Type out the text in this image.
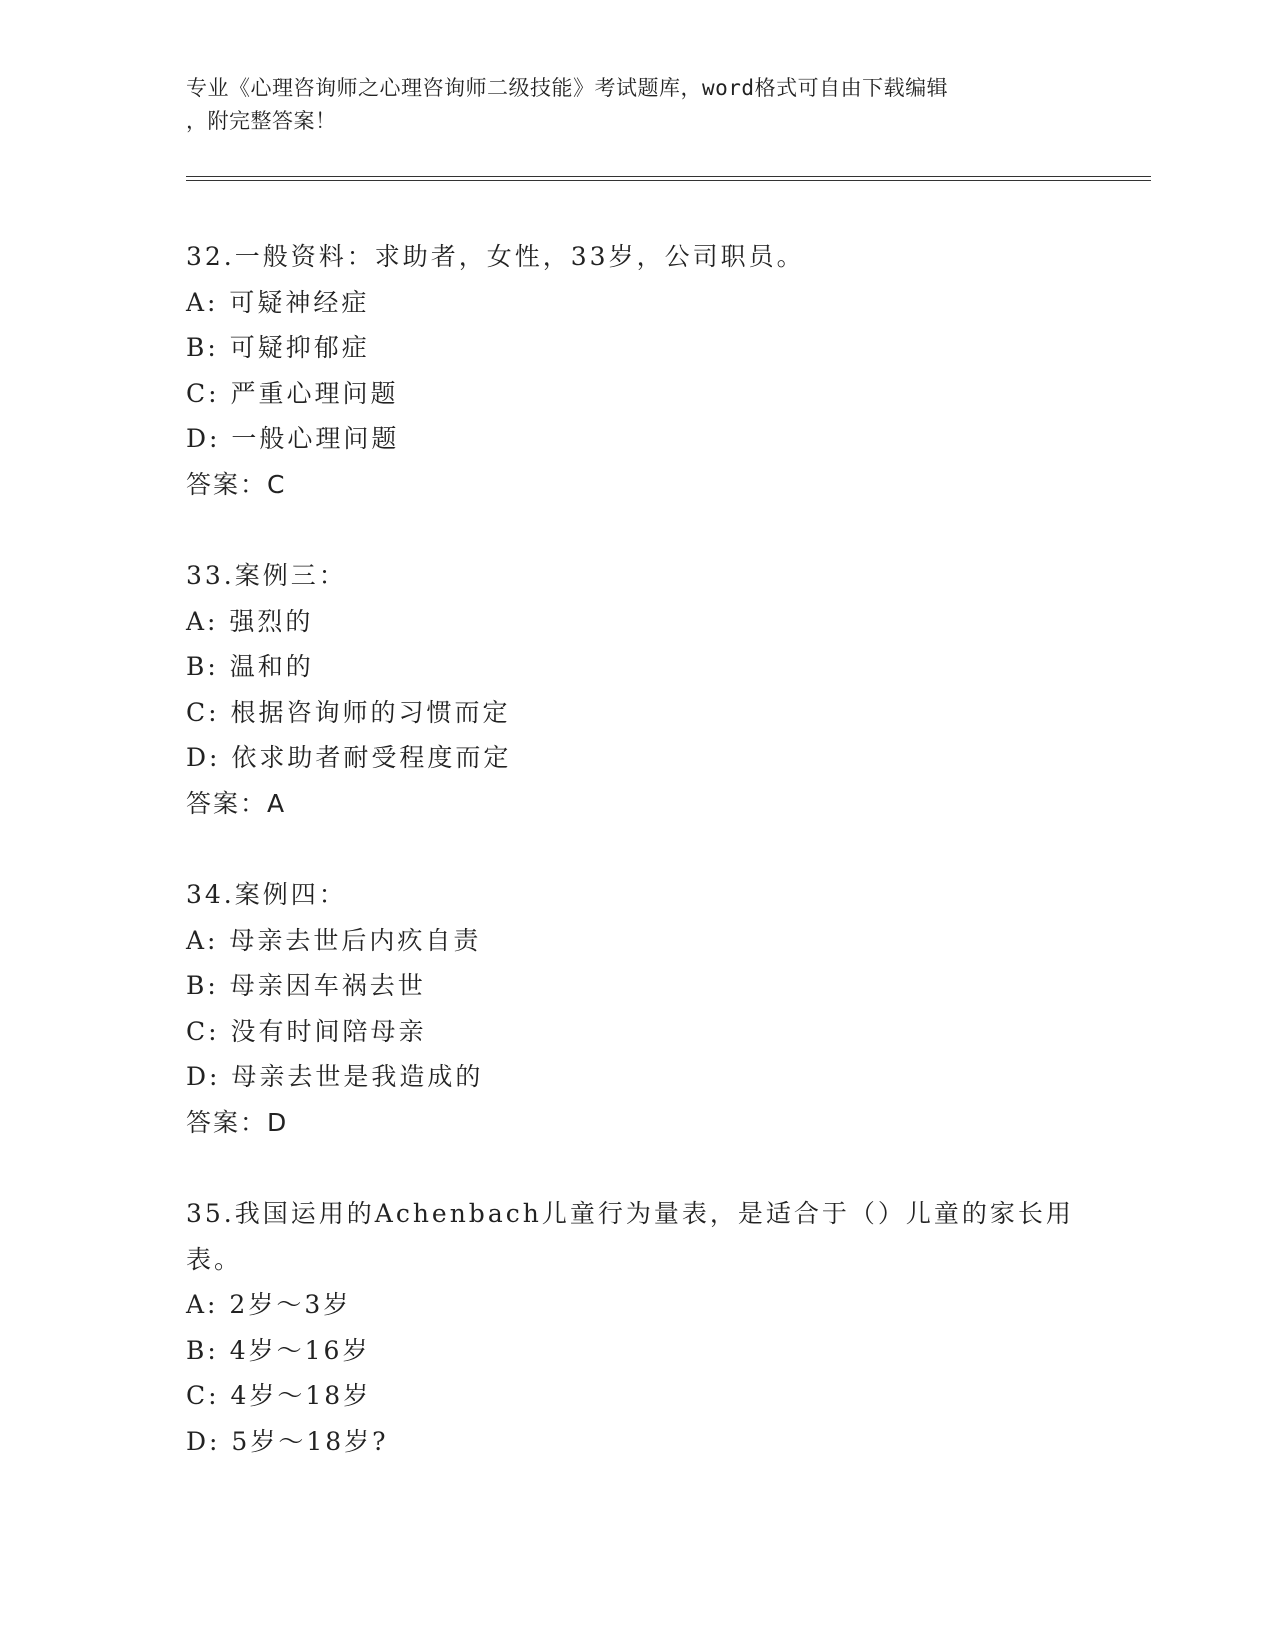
专业《心理咨询师之心理咨询师二级技能》考试题库，word格式可自由下载编辑
，附完整答案！
32.一般资料：求助者，女性，33岁，公司职员。
A: 可疑神经症
B: 可疑抑郁症
C: 严重心理问题
D: 一般心理问题
答案：C
33.案例三：
A: 强烈的
B: 温和的
C: 根据咨询师的习惯而定
D: 依求助者耐受程度而定
答案：A
34.案例四：
A: 母亲去世后内疚自责
B: 母亲因车祸去世
C: 没有时间陪母亲
D: 母亲去世是我造成的
答案：D
35.我国运用的Achenbach儿童行为量表，是适合于（）儿童的家长用
表。
A: 2岁～3岁
B: 4岁～16岁
C: 4岁～18岁
D: 5岁～18岁?
